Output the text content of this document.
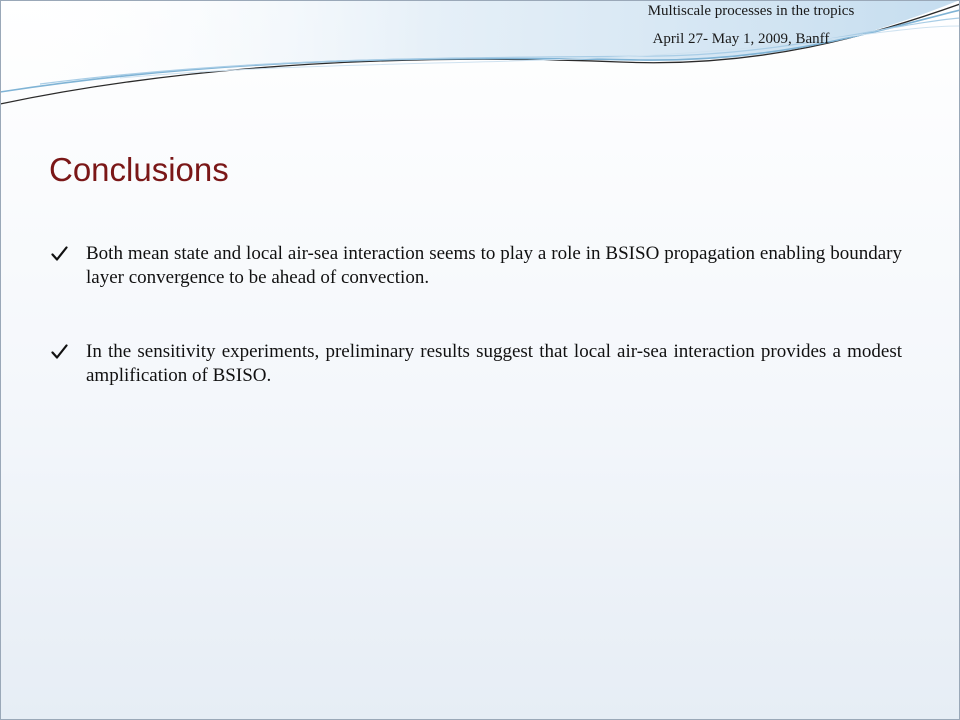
Multiscale processes in the tropics
April 27- May 1, 2009, Banff
Conclusions
Both mean state and local air-sea interaction seems to play a role in BSISO propagation enabling boundary layer convergence to be ahead of convection.
In the sensitivity experiments, preliminary results suggest that local air-sea interaction provides a modest amplification of BSISO.
